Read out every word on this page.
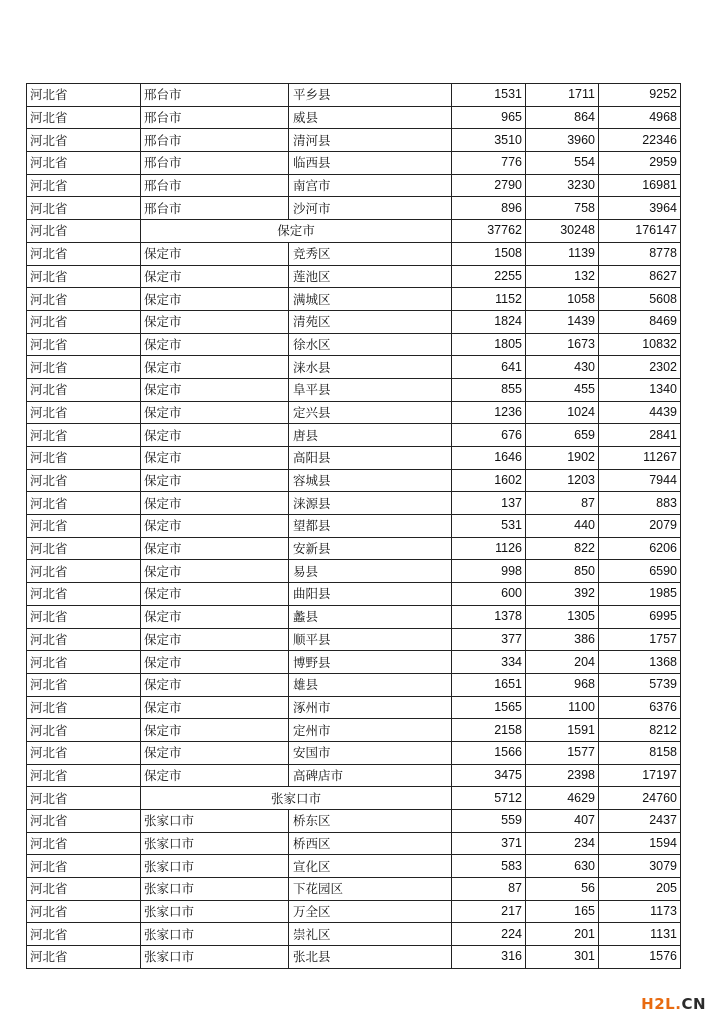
河北省	邢台市	平乡县	1531	1711	9252
河北省	邢台市	威县	965	864	4968
河北省	邢台市	清河县	3510	3960	22346
河北省	邢台市	临西县	776	554	2959
河北省	邢台市	南宫市	2790	3230	16981
河北省	邢台市	沙河市	896	758	3964
河北省	保定市		37762	30248	176147
河北省	保定市	竞秀区	1508	1139	8778
河北省	保定市	莲池区	2255	132	8627
河北省	保定市	满城区	1152	1058	5608
河北省	保定市	清苑区	1824	1439	8469
河北省	保定市	徐水区	1805	1673	10832
河北省	保定市	涞水县	641	430	2302
河北省	保定市	阜平县	855	455	1340
河北省	保定市	定兴县	1236	1024	4439
河北省	保定市	唐县	676	659	2841
河北省	保定市	高阳县	1646	1902	11267
河北省	保定市	容城县	1602	1203	7944
河北省	保定市	涞源县	137	87	883
河北省	保定市	望都县	531	440	2079
河北省	保定市	安新县	1126	822	6206
河北省	保定市	易县	998	850	6590
河北省	保定市	曲阳县	600	392	1985
河北省	保定市	蠡县	1378	1305	6995
河北省	保定市	顺平县	377	386	1757
河北省	保定市	博野县	334	204	1368
河北省	保定市	雄县	1651	968	5739
河北省	保定市	涿州市	1565	1100	6376
河北省	保定市	定州市	2158	1591	8212
河北省	保定市	安国市	1566	1577	8158
河北省	保定市	高碑店市	3475	2398	17197
河北省	张家口市		5712	4629	24760
河北省	张家口市	桥东区	559	407	2437
河北省	张家口市	桥西区	371	234	1594
河北省	张家口市	宣化区	583	630	3079
河北省	张家口市	下花园区	87	56	205
河北省	张家口市	万全区	217	165	1173
河北省	张家口市	崇礼区	224	201	1131
河北省	张家口市	张北县	316	301	1576
H2L.CN
